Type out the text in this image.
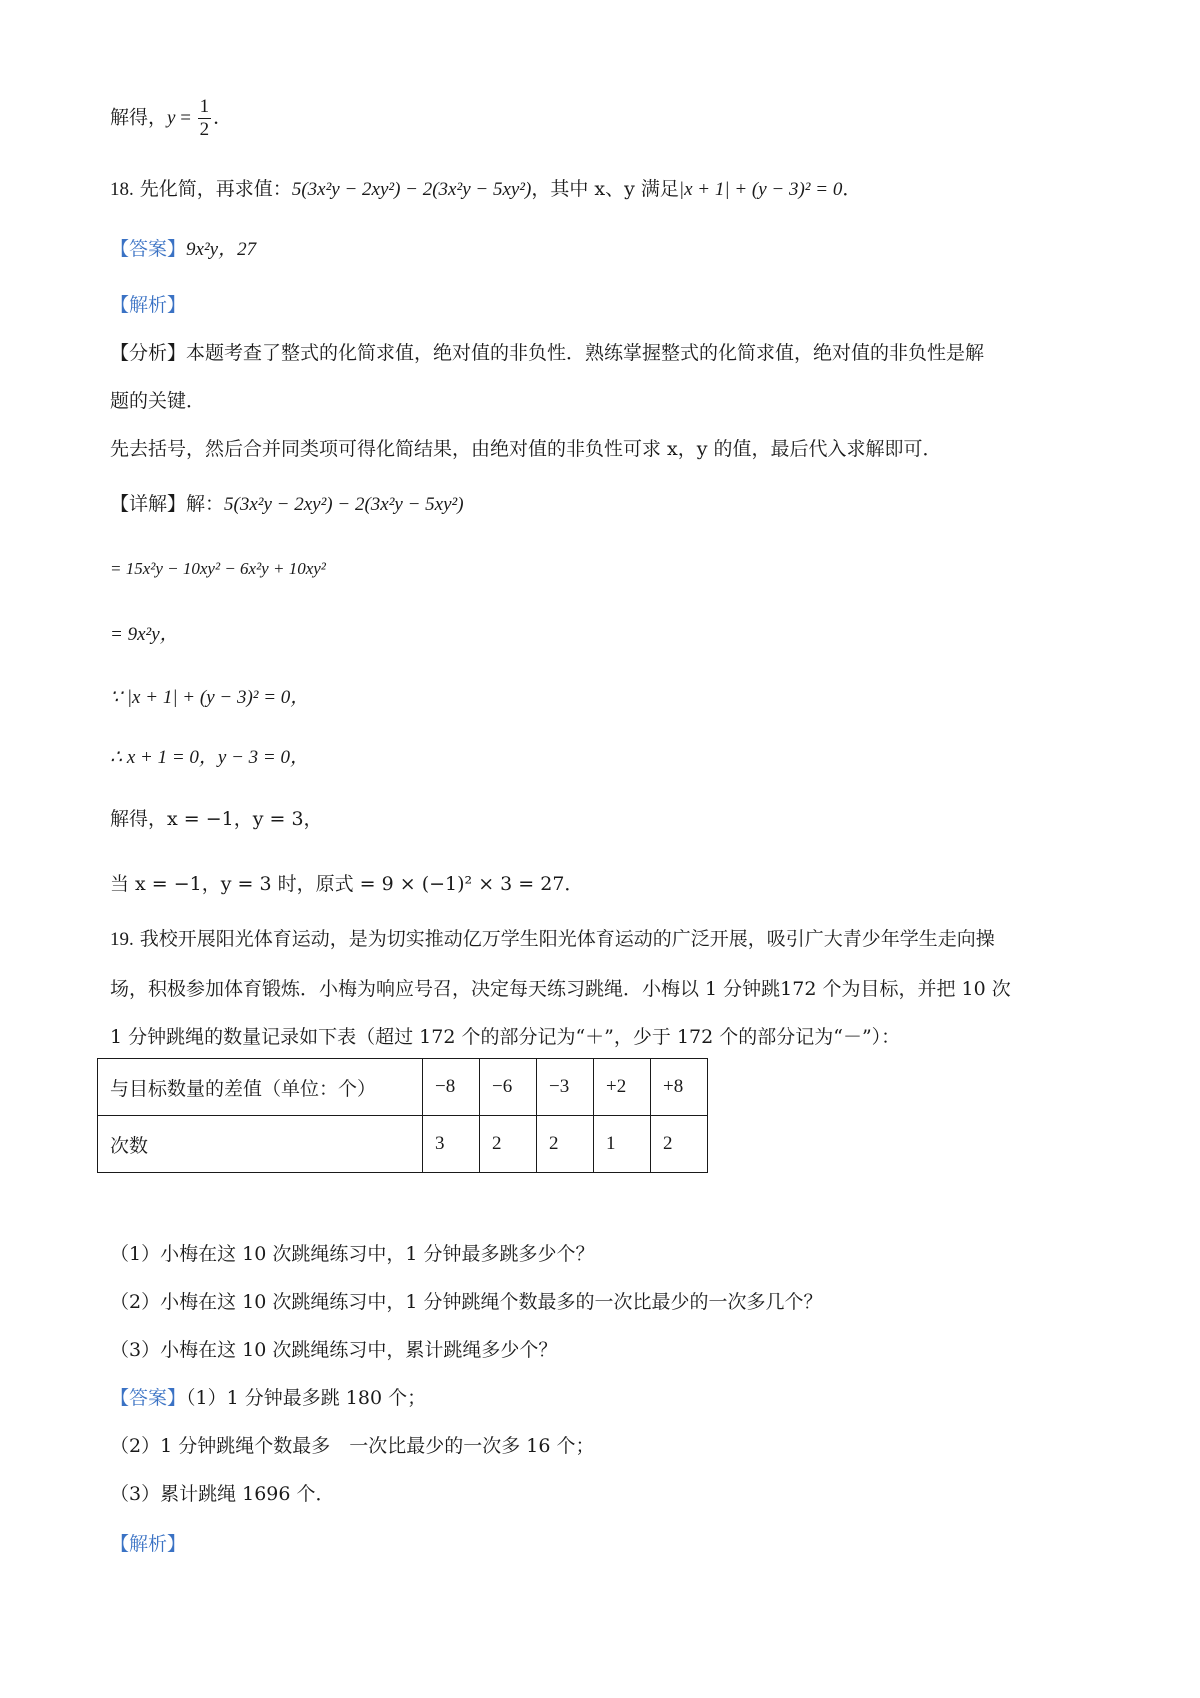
解得，$y = \frac{1}{2}$ ．
18. 先化简，再求值：5(3x²y − 2xy²) − 2(3x²y − 5xy²)，其中 x、y 满足|x + 1| + (y − 3)² = 0．
【答案】9x²y，27
【解析】
【分析】本题考查了整式的化简求值，绝对值的非负性．熟练掌握整式的化简求值，绝对值的非负性是解
题的关键．
先去括号，然后合并同类项可得化简结果，由绝对值的非负性可求 x，y 的值，最后代入求解即可．
【详解】解：5(3x²y − 2xy²) − 2(3x²y − 5xy²)
= 15x²y − 10xy² − 6x²y + 10xy²
= 9x²y，
∵ |x + 1| + (y − 3)² = 0，
∴ x + 1 = 0，y − 3 = 0，
解得，x = −1，y = 3，
当 x = −1，y = 3 时，原式 = 9 × (−1)² × 3 = 27．
19. 我校开展阳光体育运动，是为切实推动亿万学生阳光体育运动的广泛开展，吸引广大青少年学生走向操
场，积极参加体育锻炼．小梅为响应号召，决定每天练习跳绳．小梅以 1 分钟跳172 个为目标，并把 10 次
1 分钟跳绳的数量记录如下表（超过 172 个的部分记为“＋”，少于 172 个的部分记为“－”）：
与目标数量的差值（单位：个）	−8	−6	−3	+2	+8
次数	3	2	2	1	2
（1）小梅在这 10 次跳绳练习中，1 分钟最多跳多少个？
（2）小梅在这 10 次跳绳练习中，1 分钟跳绳个数最多的一次比最少的一次多几个？
（3）小梅在这 10 次跳绳练习中，累计跳绳多少个？
【答案】（1）1 分钟最多跳 180 个；
（2）1 分钟跳绳个数最多　一次比最少的一次多 16 个；
（3）累计跳绳 1696 个．
【解析】
